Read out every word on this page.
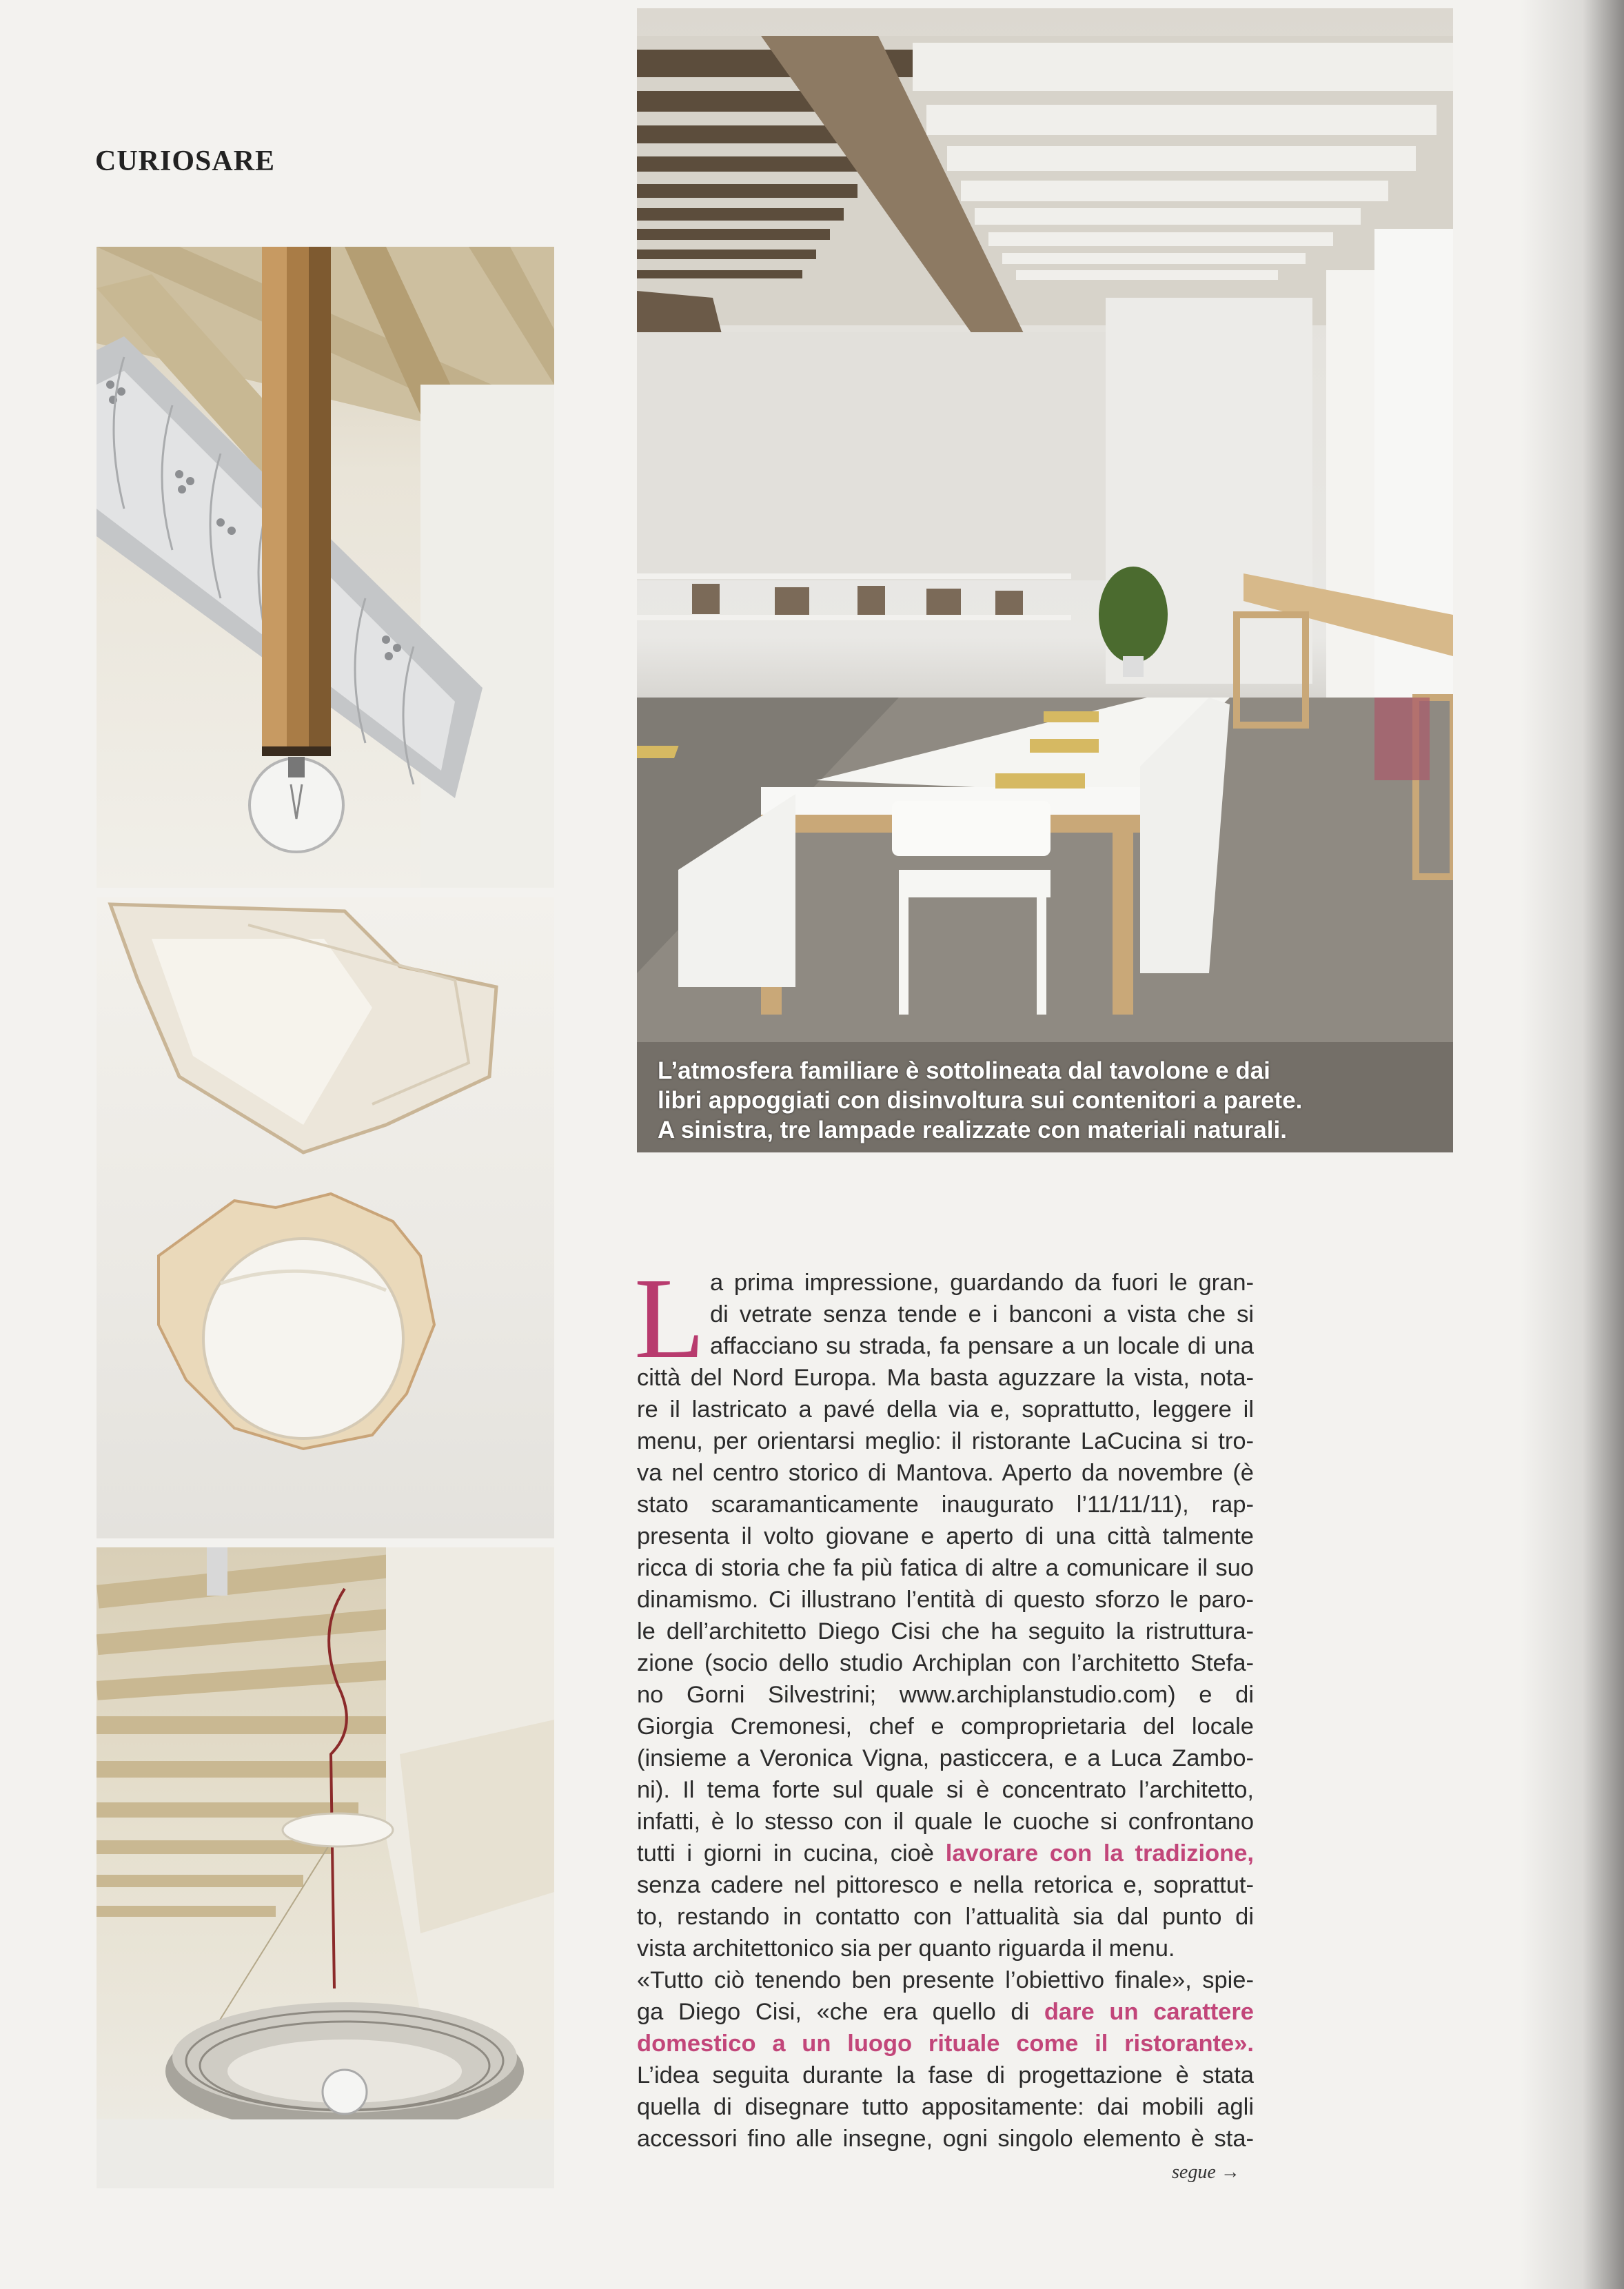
CURIOSARE
L’atmosfera familiare è sottolineata dal tavolone e dai
libri appoggiati con disinvoltura sui contenitori a parete.
A sinistra, tre lampade realizzate con materiali naturali.
L a prima impressione, guardando da fuori le gran-
di vetrate senza tende e i banconi a vista che si
affacciano su strada, fa pensare a un locale di una
città del Nord Europa. Ma basta aguzzare la vista, nota-
re il lastricato a pavé della via e, soprattutto, leggere il
menu, per orientarsi meglio: il ristorante LaCucina si tro-
va nel centro storico di Mantova. Aperto da novembre (è
stato scaramanticamente inaugurato l’11/11/11), rap-
presenta il volto giovane e aperto di una città talmente
ricca di storia che fa più fatica di altre a comunicare il suo
dinamismo. Ci illustrano l’entità di questo sforzo le paro-
le dell’architetto Diego Cisi che ha seguito la ristruttura-
zione (socio dello studio Archiplan con l’architetto Stefa-
no Gorni Silvestrini; www.archiplanstudio.com) e di
Giorgia Cremonesi, chef e comproprietaria del locale
(insieme a Veronica Vigna, pasticcera, e a Luca Zambo-
ni). Il tema forte sul quale si è concentrato l’architetto,
infatti, è lo stesso con il quale le cuoche si confrontano
tutti i giorni in cucina, cioè lavorare con la tradizione,
senza cadere nel pittoresco e nella retorica e, soprattut-
to, restando in contatto con l’attualità sia dal punto di
vista architettonico sia per quanto riguarda il menu.
«Tutto ciò tenendo ben presente l’obiettivo finale», spie-
ga Diego Cisi, «che era quello di dare un carattere
domestico a un luogo rituale come il ristorante».
L’idea seguita durante la fase di progettazione è stata
quella di disegnare tutto appositamente: dai mobili agli
accessori fino alle insegne, ogni singolo elemento è sta-
segue →
